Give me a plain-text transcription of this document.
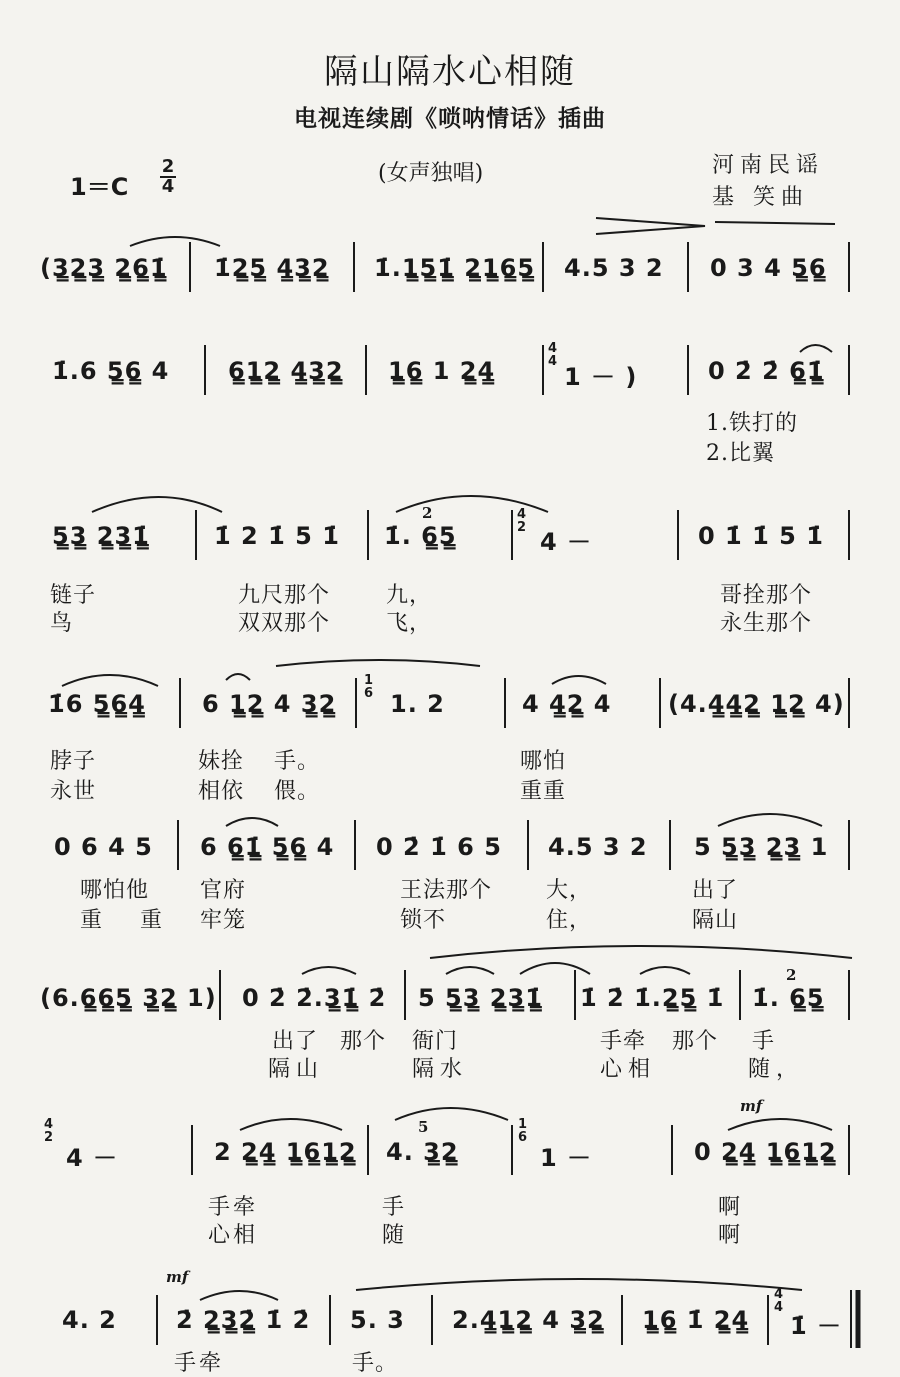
隔山隔水心相随
电视连续剧《唢呐情话》插曲
$1=C \frac{2}{4}$	(女声独唱)	河南民谣
基 笑曲
(3̳2̳3̳ 2̳6̳1̳̇ 1̇2̳5̳ 4̳3̳2̳ 1̇.1̳5̳1̳̇ 2̳1̳6̳5̳ 4.5 3 2 0 3 4 5̳6̳
1̇.6 5̳6̳ 4 6̳1̳2̳ 4̳3̳2̳ 1̳6̳ 1 2̳4̳
4
4
1 － )	0 2̇ 2̇ 6̳1̳̇
1.铁打的
2.比翼
5̳3̳ 2̳3̳1̳̇	1̇ 2 1̇ 5 1̇
2
1̇. 6̳5̳
4
2
4 －	0 1̇ 1̇ 5 1̇
链子	九尺那个	九，	哥拴那个
鸟	双双那个	飞，	永生那个
1̇6 5̳6̳4̳ 6 1̳2̳ 4 3̳2̳
1
6 1. 2	4 4̳2̳ 4 (4.4̳4̳2̳ 1̳2̳ 4)
脖子	妹拴 手。	哪怕
永世	相依 偎。	重重
0 6 4 5 6 6̳1̳̇ 5̳6̳ 4 0 2̇ 1̇ 6 5 4.5 3 2 5 5̳3̳ 2̳3̳ 1
哪怕他 官府	王法那个 大，	出了
重 重 牢笼	锁不	住，	隔山
(6.6̳6̳5̳ 3̳2̳ 1) 0 2̇ 2̇.3̳1̳̇ 2̇ 5 5̳3̳ 2̳3̳1̳̇ 1̇ 2̇ 1̇.2̳5̳ 1̇
2
1̇. 6̳5̳
出了 那个 衙门	手牵 那个 手
隔山	隔水	心相	随，
4
2
4 －	2 2̳4̳ 1̳6̳1̳2̳
5
4. 3̳2̳
1
6
1 －
mf
0 2̳4̳ 1̳6̳1̳2̳
手牵	手	啊
心相	随	啊
4. 2
mf
2̇ 2̳3̳2̳̇ 1̇ 2̇ 5. 3 2.4̳1̳2̳ 4 3̳2̳ 1̳6̳ 1̇ 2̳4̳
4
4
1̇ －
手牵	手。
